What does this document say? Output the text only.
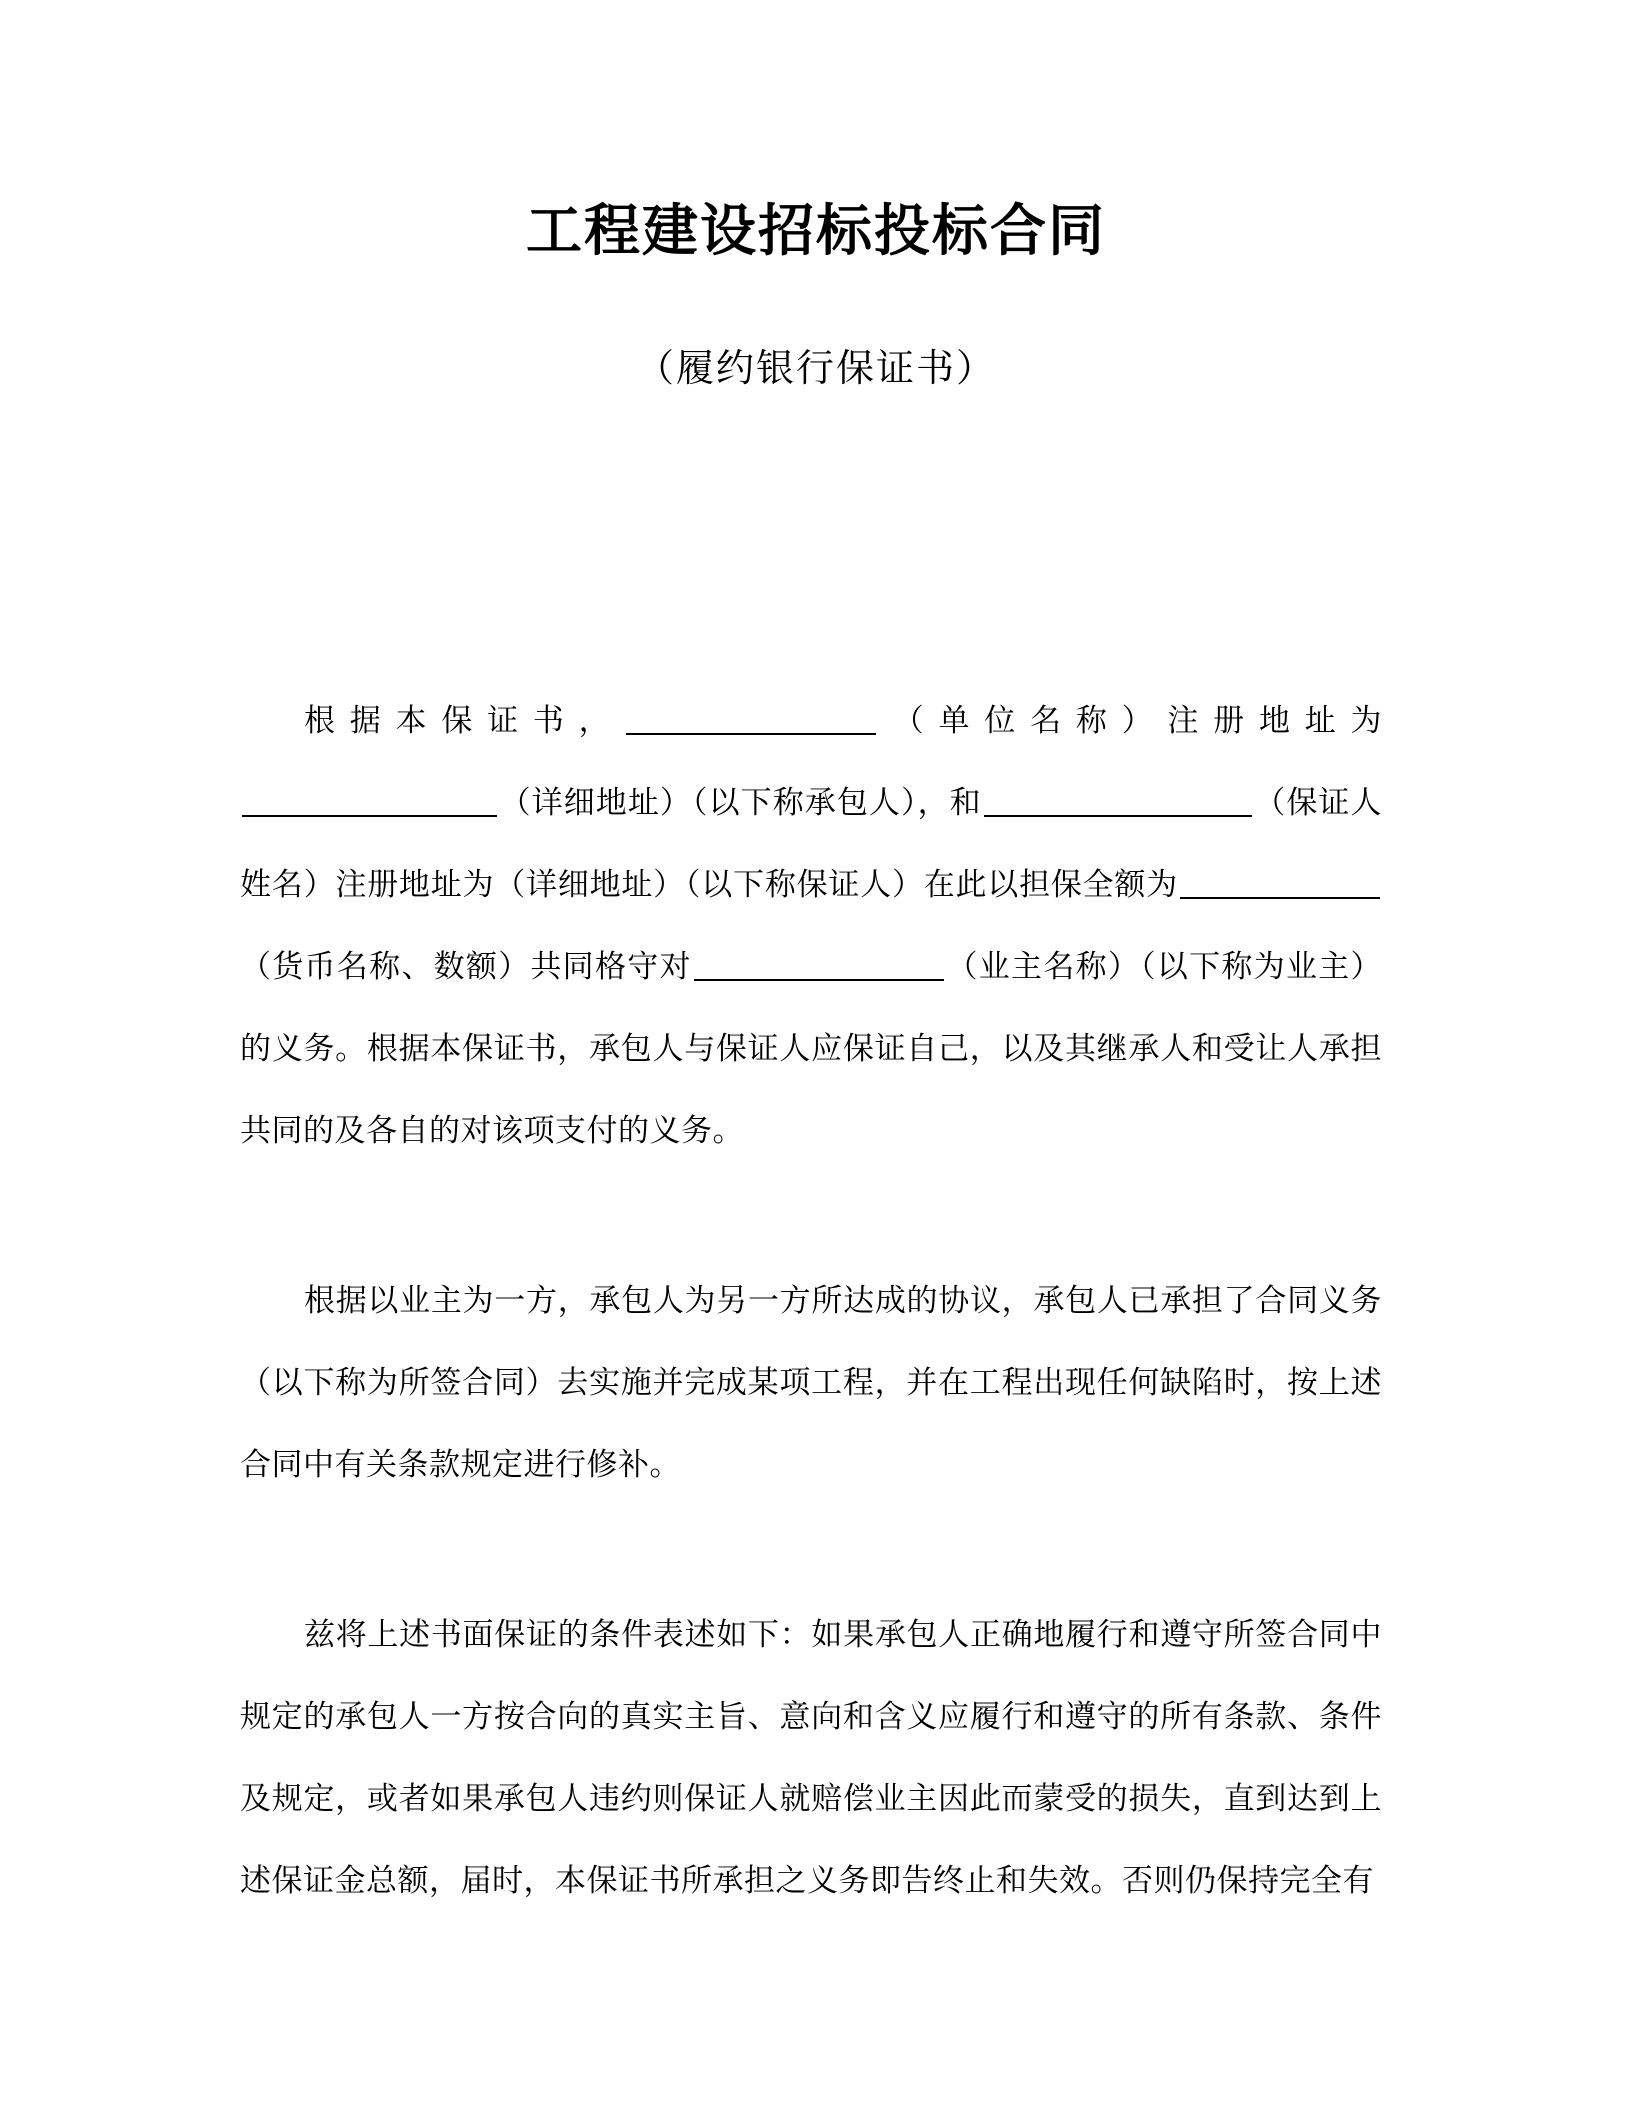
工程建设招标投标合同
（履约银行保证书）

根据本保证书，	（单位名称）注册地址为（详细地址）（以下称承包人），和	（保证人姓名）注册地址为（详细地址）（以下称保证人）在此以担保全额为（货币名称、数额）共同格守对	（业主名称）（以下称为业主）的义务。根据本保证书，承包人与保证人应保证自己，以及其继承人和受让人承担共同的及各自的对该项支付的义务。

根据以业主为一方，承包人为另一方所达成的协议，承包人已承担了合同义务（以下称为所签合同）去实施并完成某项工程，并在工程出现任何缺陷时，按上述合同中有关条款规定进行修补。

兹将上述书面保证的条件表述如下：如果承包人正确地履行和遵守所签合同中规定的承包人一方按合向的真实主旨、意向和含义应履行和遵守的所有条款、条件及规定，或者如果承包人违约则保证人就赔偿业主因此而蒙受的损失，直到达到上述保证金总额，届时，本保证书所承担之义务即告终止和失效。否则仍保持完全有
